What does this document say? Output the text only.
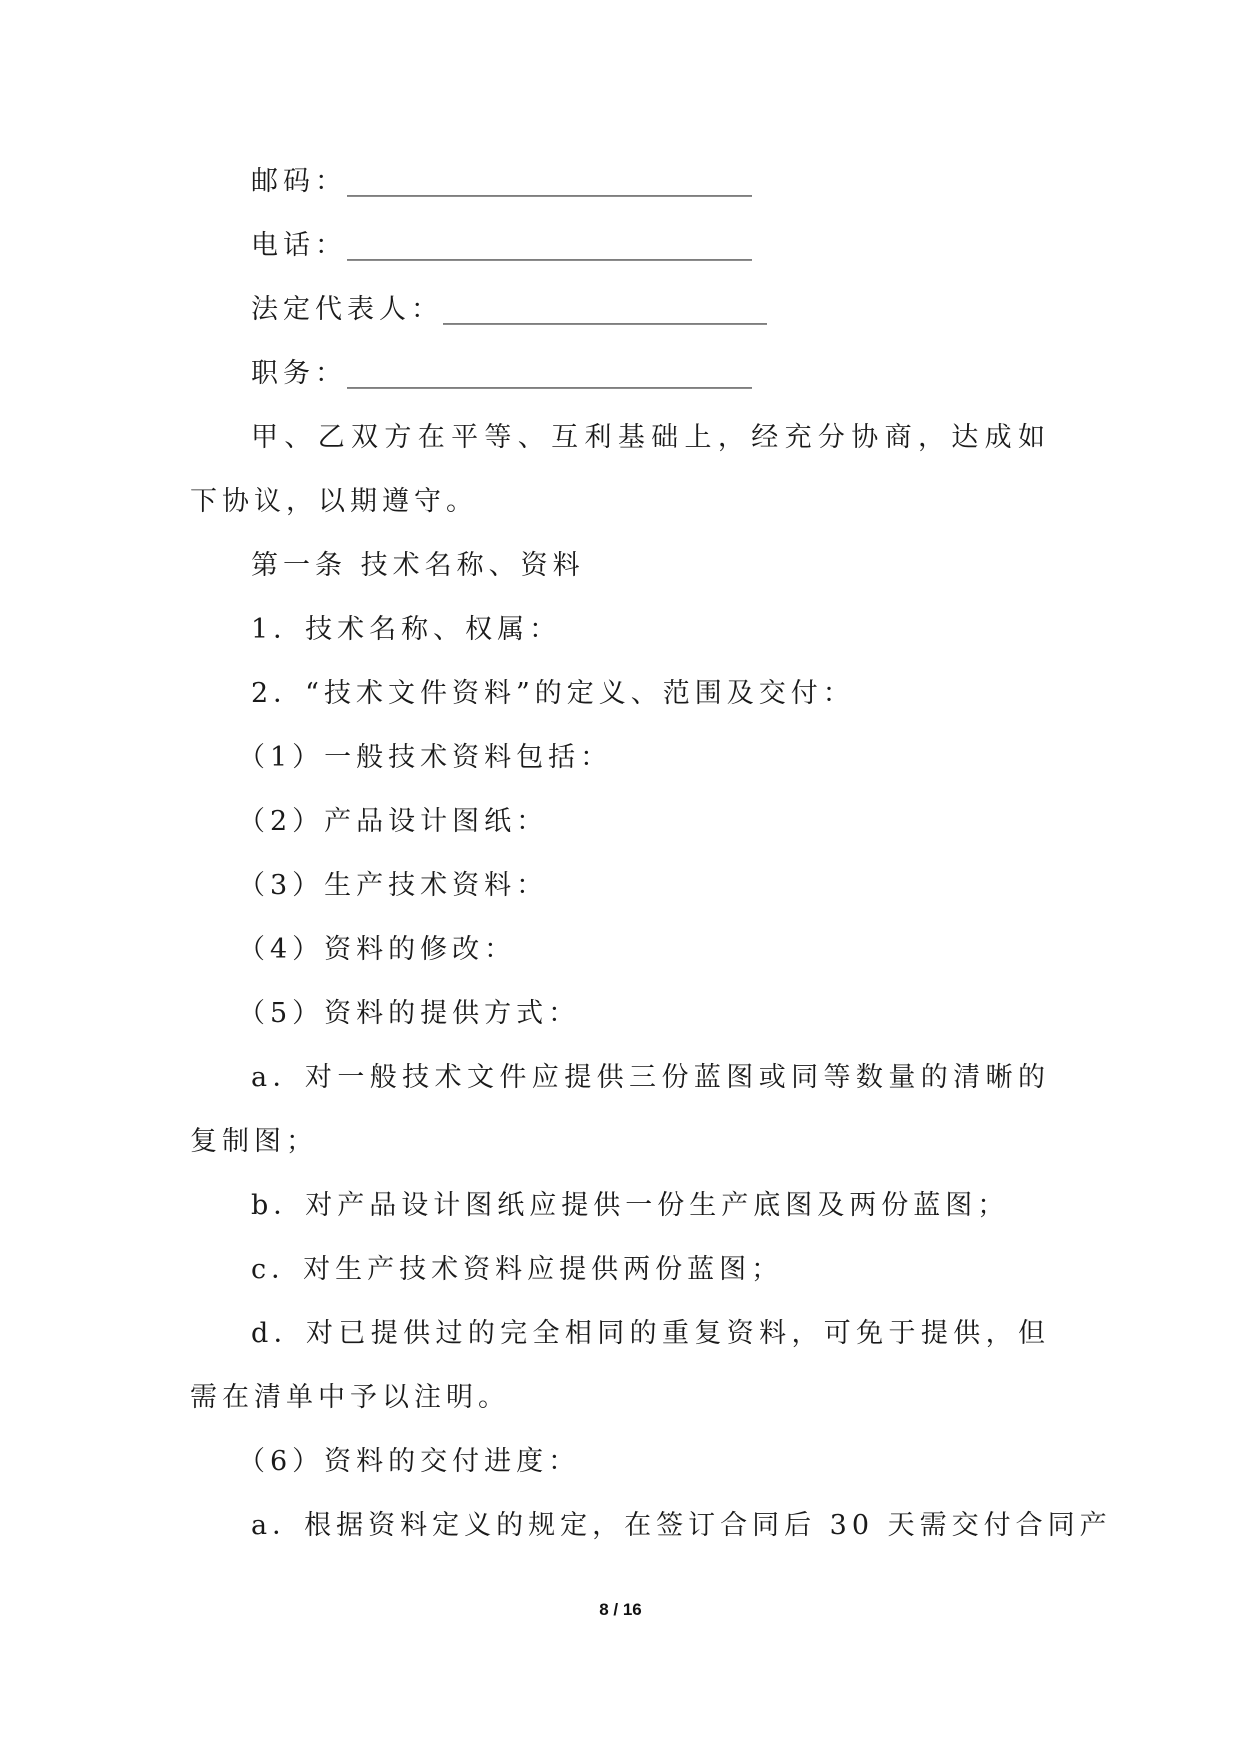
邮码：______________________________
电话：______________________________
法定代表人：________________________
职务：______________________________

甲、乙双方在平等、互利基础上，经充分协商，达成如下协议，以期遵守。

第一条 技术名称、资料
1．技术名称、权属：
2．“技术文件资料”的定义、范围及交付：
（1）一般技术资料包括：
（2）产品设计图纸：
（3）生产技术资料：
（4）资料的修改：
（5）资料的提供方式：

a．对一般技术文件应提供三份蓝图或同等数量的清晰的复制图；

b．对产品设计图纸应提供一份生产底图及两份蓝图；
c．对生产技术资料应提供两份蓝图；

d．对已提供过的完全相同的重复资料，可免于提供，但需在清单中予以注明。

（6）资料的交付进度：
a．根据资料定义的规定，在签订合同后 30 天需交付合同产
8 / 16
